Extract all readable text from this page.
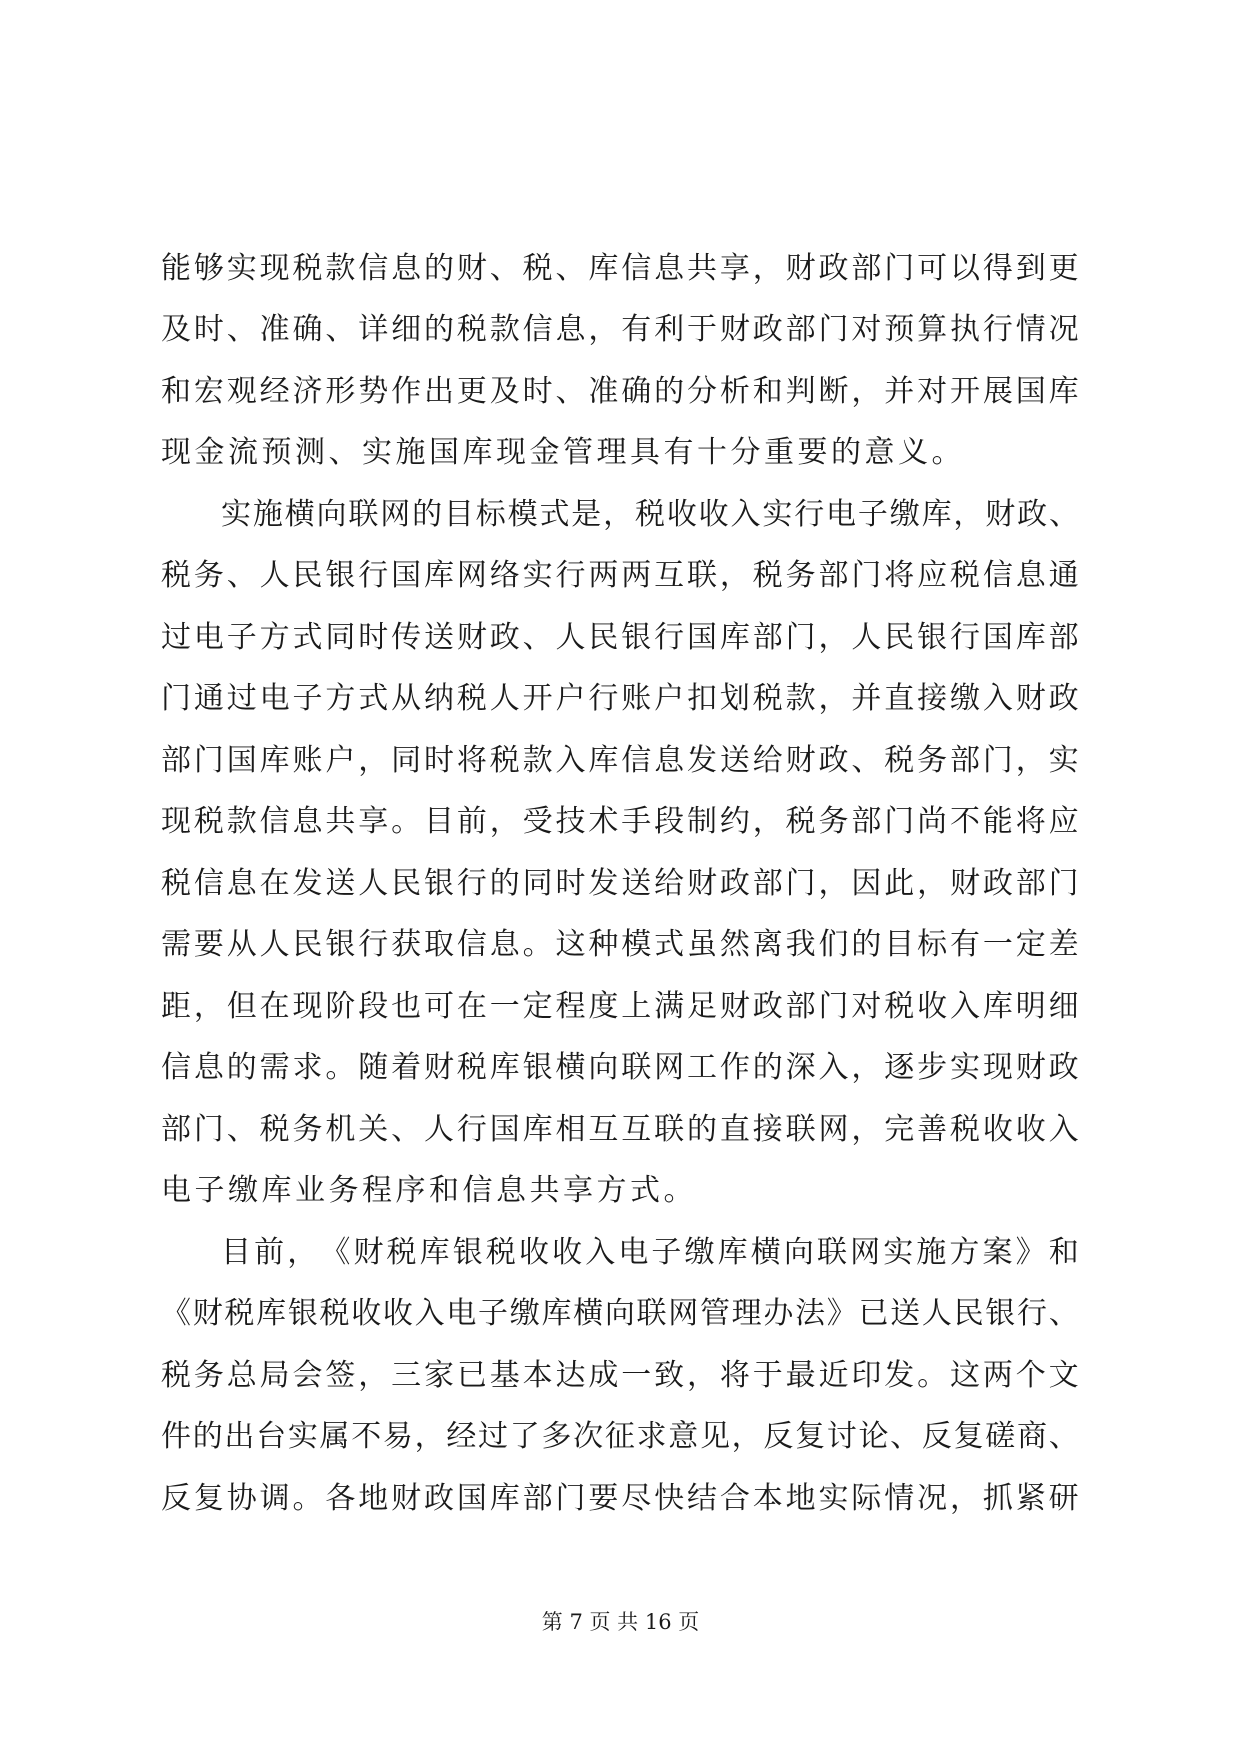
能 够 实 现 税 款 信 息 的 财 、 税 、 库 信 息 共 享 ， 财 政 部 门 可 以 得 到 更
及 时 、 准 确 、 详 细 的 税 款 信 息 ， 有 利 于 财 政 部 门 对 预 算 执 行 情 况
和 宏 观 经 济 形 势 作 出 更 及 时 、 准 确 的 分 析 和 判 断 ， 并 对 开 展 国 库
现 金 流 预 测 、 实 施 国 库 现 金 管 理 具 有 十 分 重 要 的 意 义 。
实 施 横 向 联 网 的 目 标 模 式 是 ， 税 收 收 入 实 行 电 子 缴 库 ， 财 政 、
税 务 、 人 民 银 行 国 库 网 络 实 行 两 两 互 联 ， 税 务 部 门 将 应 税 信 息 通
过 电 子 方 式 同 时 传 送 财 政 、 人 民 银 行 国 库 部 门 ， 人 民 银 行 国 库 部
门 通 过 电 子 方 式 从 纳 税 人 开 户 行 账 户 扣 划 税 款 ， 并 直 接 缴 入 财 政
部 门 国 库 账 户 ， 同 时 将 税 款 入 库 信 息 发 送 给 财 政 、 税 务 部 门 ， 实
现 税 款 信 息 共 享 。 目 前 ， 受 技 术 手 段 制 约 ， 税 务 部 门 尚 不 能 将 应
税 信 息 在 发 送 人 民 银 行 的 同 时 发 送 给 财 政 部 门 ， 因 此 ， 财 政 部 门
需 要 从 人 民 银 行 获 取 信 息 。 这 种 模 式 虽 然 离 我 们 的 目 标 有 一 定 差
距 ， 但 在 现 阶 段 也 可 在 一 定 程 度 上 满 足 财 政 部 门 对 税 收 入 库 明 细
信 息 的 需 求 。 随 着 财 税 库 银 横 向 联 网 工 作 的 深 入 ， 逐 步 实 现 财 政
部 门 、 税 务 机 关 、 人 行 国 库 相 互 互 联 的 直 接 联 网 ， 完 善 税 收 收 入
电 子 缴 库 业 务 程 序 和 信 息 共 享 方 式 。
目 前 ， 《 财 税 库 银 税 收 收 入 电 子 缴 库 横 向 联 网 实 施 方 案 》 和
《 财 税 库 银 税 收 收 入 电 子 缴 库 横 向 联 网 管 理 办 法 》 已 送 人 民 银 行 、
税 务 总 局 会 签 ， 三 家 已 基 本 达 成 一 致 ， 将 于 最 近 印 发 。 这 两 个 文
件 的 出 台 实 属 不 易 ， 经 过 了 多 次 征 求 意 见 ， 反 复 讨 论 、 反 复 磋 商 、
反 复 协 调 。 各 地 财 政 国 库 部 门 要 尽 快 结 合 本 地 实 际 情 况 ， 抓 紧 研
第 7 页 共 16 页
